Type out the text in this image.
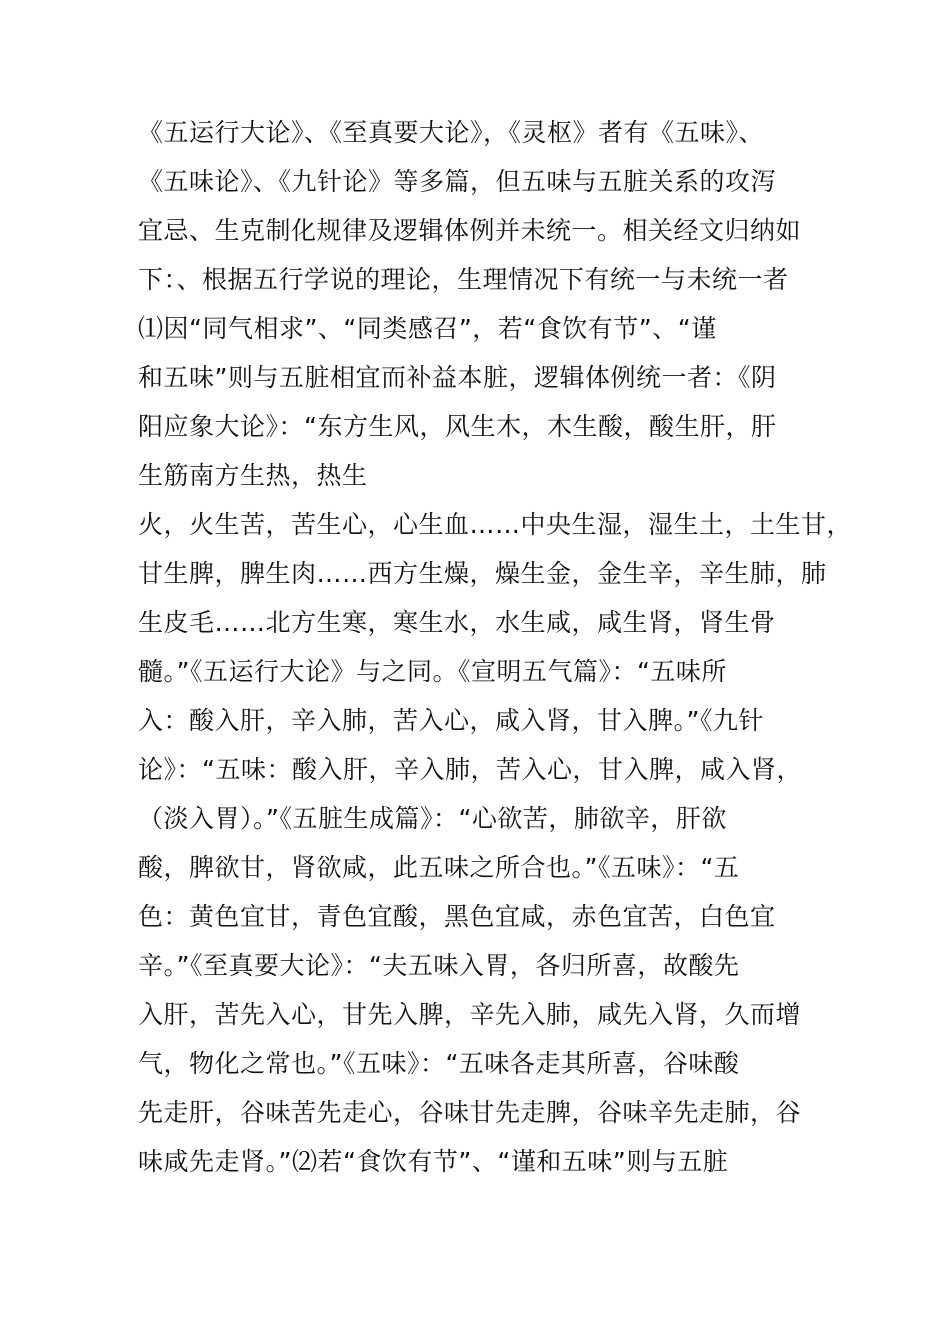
《五运行大论》、《至真要大论》，《灵枢》者有《五味》、
《五味论》、《九针论》等多篇，但五味与五脏关系的攻泻
宜忌、生克制化规律及逻辑体例并未统一。相关经文归纳如
下：、根据五行学说的理论，生理情况下有统一与未统一者
⑴因“同气相求”、“同类感召”，若“食饮有节”、“谨
和五味”则与五脏相宜而补益本脏，逻辑体例统一者：《阴
阳应象大论》：“东方生风，风生木，木生酸，酸生肝，肝
生筋南方生热，热生
火，火生苦，苦生心，心生血……中央生湿，湿生土，土生甘，
甘生脾，脾生肉……西方生燥，燥生金，金生辛，辛生肺，肺
生皮毛……北方生寒，寒生水，水生咸，咸生肾，肾生骨
髓。”《五运行大论》与之同。《宣明五气篇》：“五味所
入：酸入肝，辛入肺，苦入心，咸入肾，甘入脾。”《九针
论》：“五味：酸入肝，辛入肺，苦入心，甘入脾，咸入肾，
（淡入胃）。”《五脏生成篇》：“心欲苦，肺欲辛，肝欲
酸，脾欲甘，肾欲咸，此五味之所合也。”《五味》：“五
色：黄色宜甘，青色宜酸，黑色宜咸，赤色宜苦，白色宜
辛。”《至真要大论》：“夫五味入胃，各归所喜，故酸先
入肝，苦先入心，甘先入脾，辛先入肺，咸先入肾，久而增
气，物化之常也。”《五味》：“五味各走其所喜，谷味酸
先走肝，谷味苦先走心，谷味甘先走脾，谷味辛先走肺，谷
味咸先走肾。”⑵若“食饮有节”、“谨和五味”则与五脏
